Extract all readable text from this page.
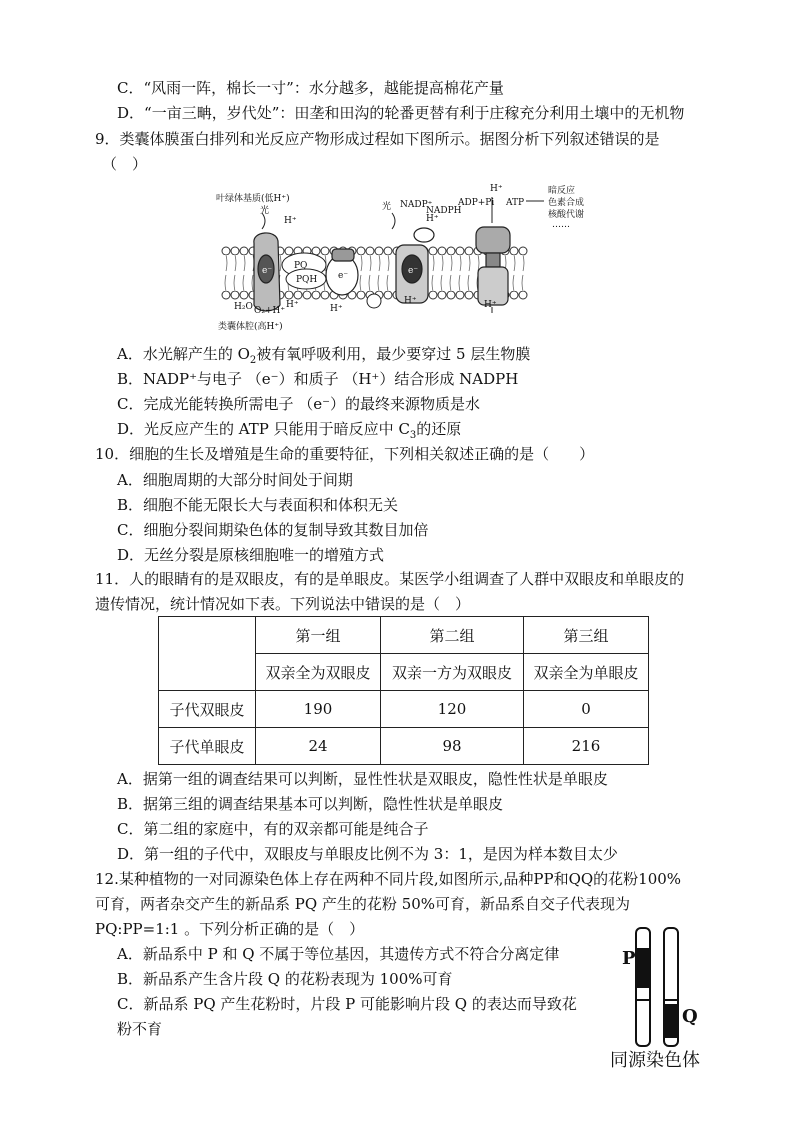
C．“风雨一阵，棉长一寸”：水分越多，越能提高棉花产量
D．“一亩三畘，岁代处”：田垄和田沟的轮番更替有利于庄稼充分利用土壤中的无机物
9．类囊体膜蛋白排列和光反应产物形成过程如下图所示。据图分析下列叙述错误的是
（　）
叶绿体基质(低H⁺)
光
H⁺
PQ
PQH
e⁻	e⁻	e⁻
光 NADP⁺
NADPH
H⁺
ADP+Pi ATP
H⁺	暗反应
色素合成
核酸代谢
……
H⁺
H⁺	H⁺
H⁺
H₂O O₂+H⁺
类囊体腔(高H⁺)
A．水光解产生的 $O_2$被有氧呼吸利用，最少要穿过 5 层生物膜
B．NADP⁺与电子 （e⁻）和质子 （H⁺）结合形成 NADPH
C．完成光能转换所需电子 （e⁻）的最终来源物质是水
D．光反应产生的 ATP 只能用于暗反应中 $C_3$的还原
10．细胞的生长及增殖是生命的重要特征，下列相关叙述正确的是（　　）
A．细胞周期的大部分时间处于间期
B．细胞不能无限长大与表面积和体积无关
C．细胞分裂间期染色体的复制导致其数目加倍
D．无丝分裂是原核细胞唯一的增殖方式
11．人的眼睛有的是双眼皮，有的是单眼皮。某医学小组调查了人群中双眼皮和单眼皮的
遗传情况，统计情况如下表。下列说法中错误的是（　）
	第一组	第二组	第三组
	双亲全为双眼皮	双亲一方为双眼皮	双亲全为单眼皮
子代双眼皮	190	120	0
子代单眼皮	24	98	216
A．据第一组的调查结果可以判断，显性性状是双眼皮，隐性性状是单眼皮
B．据第三组的调查结果基本可以判断，隐性性状是单眼皮
C．第二组的家庭中，有的双亲都可能是纯合子
D．第一组的子代中，双眼皮与单眼皮比例不为 3：1，是因为样本数目太少
12.某种植物的一对同源染色体上存在两种不同片段,如图所示,品种PP和QQ的花粉100%
可育，两者杂交产生的新品系 PQ 产生的花粉 50%可育，新品系自交子代表现为
PQ:PP=1:1 。下列分析正确的是（　）
A．新品系中 P 和 Q 不属于等位基因，其遗传方式不符合分离定律
B．新品系产生含片段 Q 的花粉表现为 100%可育
C．新品系 PQ 产生花粉时，片段 P 可能影响片段 Q 的表达而导致花
粉不育
P
Q
同源染色体
